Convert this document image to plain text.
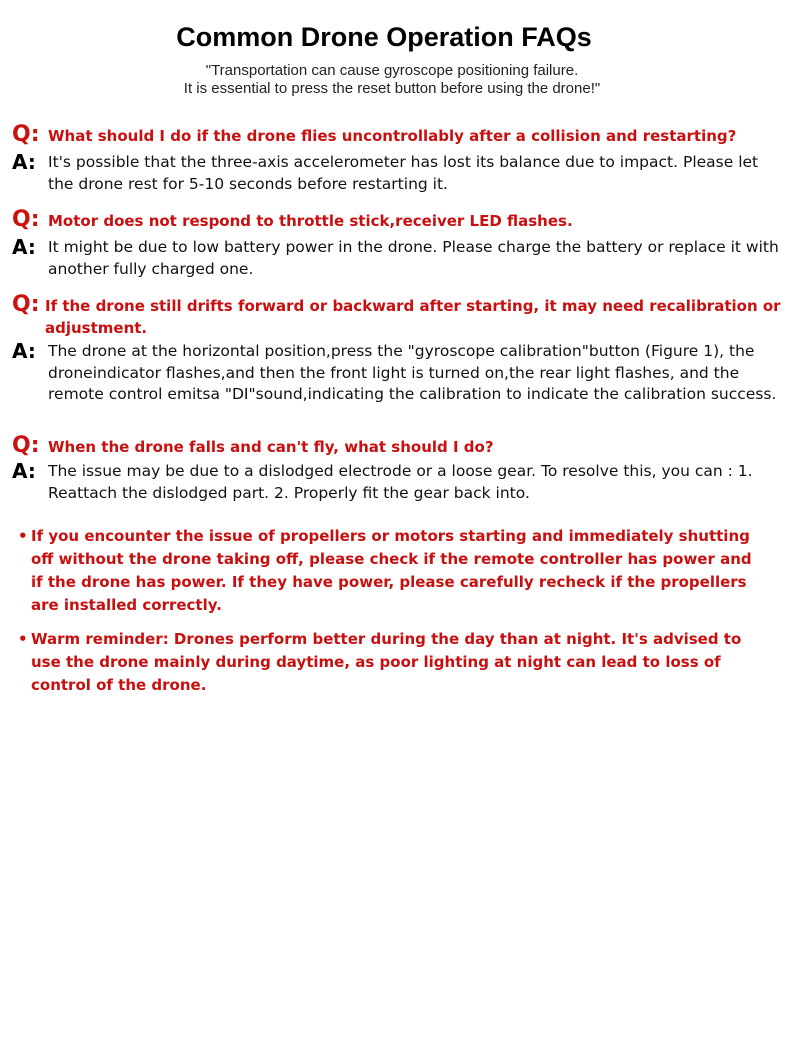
Common Drone Operation FAQs
"Transportation can cause gyroscope positioning failure.
It is essential to press the reset button before using the drone!"
Q: What should I do if the drone flies uncontrollably after a collision and restarting?
A: It's possible that the three-axis accelerometer has lost its balance due to impact. Please let the drone rest for 5-10 seconds before restarting it.
Q: Motor does not respond to throttle stick,receiver LED flashes.
A: It might be due to low battery power in the drone. Please charge the battery or replace it with another fully charged one.
Q: If the drone still drifts forward or backward after starting, it may need recalibration or adjustment.
A: The drone at the horizontal position,press the "gyroscope calibration"button (Figure 1), the droneindicator flashes,and then the front light is turned on,the rear light flashes, and the remote control emitsa "DI"sound,indicating the calibration to indicate the calibration success.
Q: When the drone falls and can't fly, what should I do?
A: The issue may be due to a dislodged electrode or a loose gear. To resolve this, you can : 1. Reattach the dislodged part. 2. Properly fit the gear back into.
• If you encounter the issue of propellers or motors starting and immediately shutting off without the drone taking off, please check if the remote controller has power and if the drone has power. If they have power, please carefully recheck if the propellers are installed correctly.
• Warm reminder: Drones perform better during the day than at night. It's advised to use the drone mainly during daytime, as poor lighting at night can lead to loss of control of the drone.
